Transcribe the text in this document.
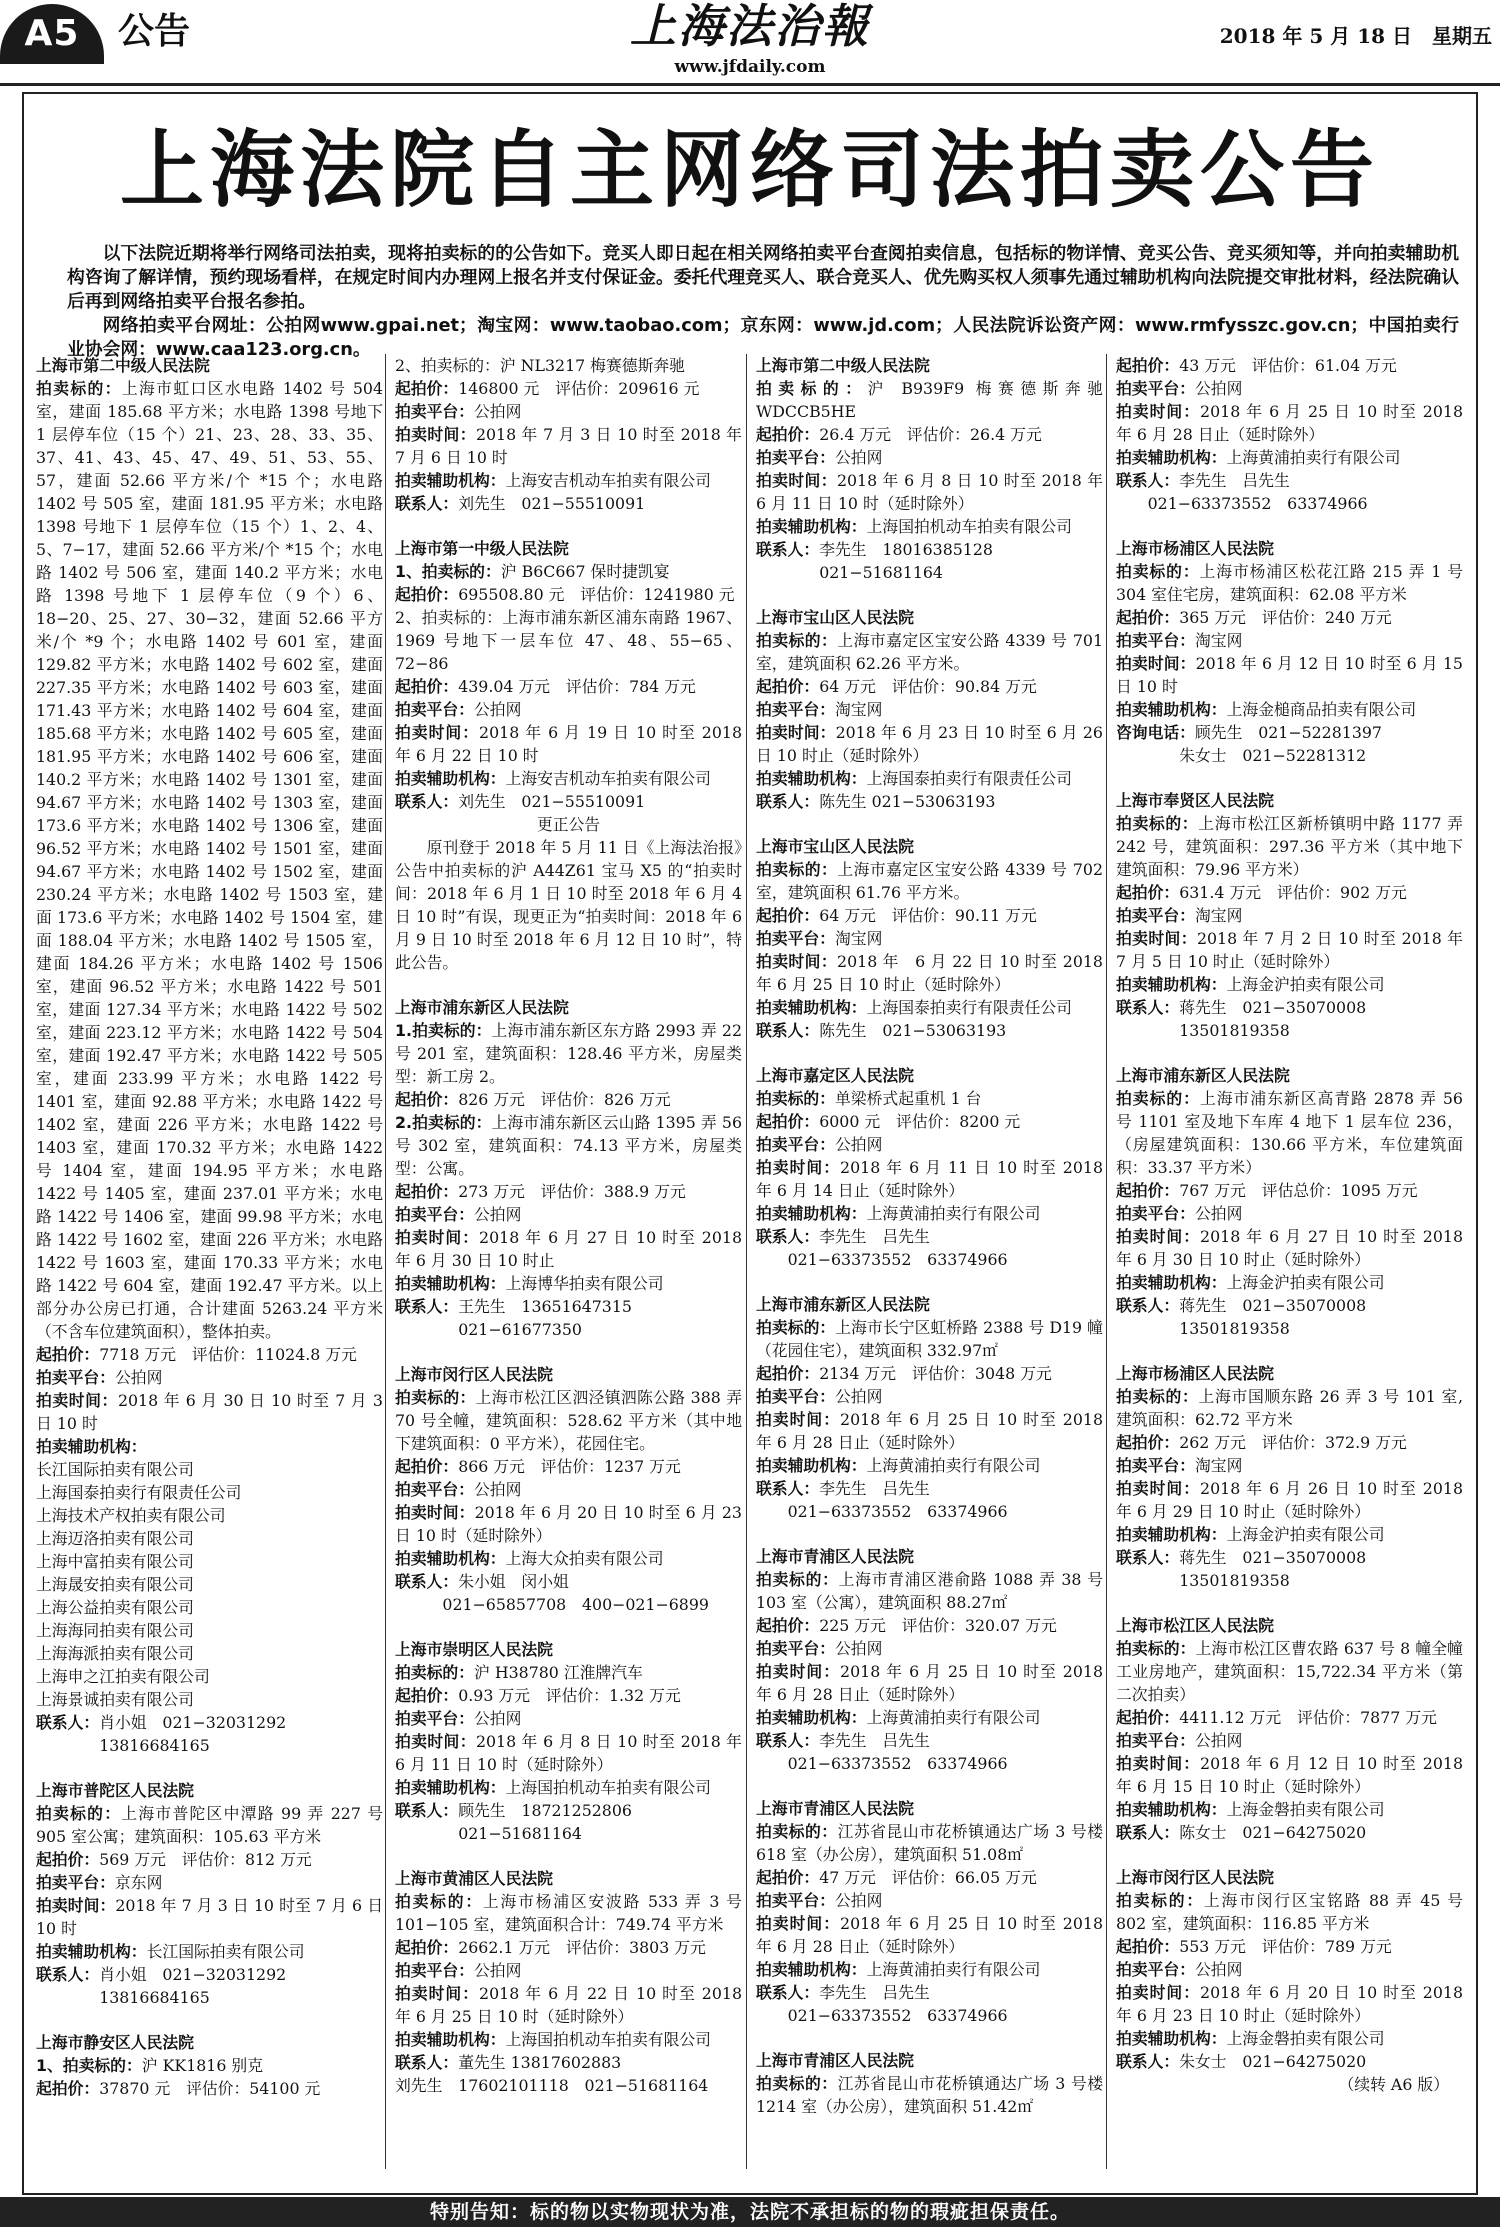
A5	公告	上海法治報
www.jfdaily.com
2018 年 5 月 18 日　星期五
上海法院自主网络司法拍卖公告

以下法院近期将举行网络司法拍卖，现将拍卖标的的公告如下。竞买人即日起在相关网络拍卖平台查阅拍卖信息，包括标的物详情、竞买公告、竞买须知等，并向拍卖辅助机构咨询了解详情，预约现场看样，在规定时间内办理网上报名并支付保证金。委托代理竞买人、联合竞买人、优先购买权人须事先通过辅助机构向法院提交审批材料，经法院确认后再到网络拍卖平台报名参拍。

网络拍卖平台网址：公拍网www.gpai.net；淘宝网：www.taobao.com；京东网：www.jd.com；人民法院诉讼资产网：www.rmfysszc.gov.cn；中国拍卖行业协会网：www.caa123.org.cn。

上海市第二中级人民法院

拍卖标的：上海市虹口区水电路 1402 号 504 室，建面 185.68 平方米；水电路 1398 号地下 1 层停车位（15 个）21、23、28、33、35、37、41、43、45、47、49、51、53、55、57，建面 52.66 平方米/个 *15 个；水电路 1402 号 505 室，建面 181.95 平方米；水电路 1398 号地下 1 层停车位（15 个）1、2、4、5、7−17，建面 52.66 平方米/个 *15 个；水电路 1402 号 506 室，建面 140.2 平方米；水电路 1398 号地下 1 层停车位（9 个）6、18−20、25、27、30−32，建面 52.66 平方米/个 *9 个；水电路 1402 号 601 室，建面 129.82 平方米；水电路 1402 号 602 室，建面 227.35 平方米；水电路 1402 号 603 室，建面 171.43 平方米；水电路 1402 号 604 室，建面 185.68 平方米；水电路 1402 号 605 室，建面 181.95 平方米；水电路 1402 号 606 室，建面 140.2 平方米；水电路 1402 号 1301 室，建面 94.67 平方米；水电路 1402 号 1303 室，建面 173.6 平方米；水电路 1402 号 1306 室，建面 96.52 平方米；水电路 1402 号 1501 室，建面 94.67 平方米；水电路 1402 号 1502 室，建面 230.24 平方米；水电路 1402 号 1503 室，建面 173.6 平方米；水电路 1402 号 1504 室，建面 188.04 平方米；水电路 1402 号 1505 室，建面 184.26 平方米；水电路 1402 号 1506 室，建面 96.52 平方米；水电路 1422 号 501 室，建面 127.34 平方米；水电路 1422 号 502 室，建面 223.12 平方米；水电路 1422 号 504 室，建面 192.47 平方米；水电路 1422 号 505 室，建面 233.99 平方米；水电路 1422 号 1401 室，建面 92.88 平方米；水电路 1422 号 1402 室，建面 226 平方米；水电路 1422 号 1403 室，建面 170.32 平方米；水电路 1422 号 1404 室，建面 194.95 平方米；水电路 1422 号 1405 室，建面 237.01 平方米；水电路 1422 号 1406 室，建面 99.98 平方米；水电路 1422 号 1602 室，建面 226 平方米；水电路 1422 号 1603 室，建面 170.33 平方米；水电路 1422 号 604 室，建面 192.47 平方米。以上部分办公房已打通，合计建面 5263.24 平方米（不含车位建筑面积），整体拍卖。

起拍价：7718 万元　评估价：11024.8 万元

拍卖平台：公拍网

拍卖时间：2018 年 6 月 30 日 10 时至 7 月 3 日 10 时

拍卖辅助机构：

长江国际拍卖有限公司

上海国泰拍卖行有限责任公司

上海技术产权拍卖有限公司

上海迈洛拍卖有限公司

上海中富拍卖有限公司

上海晟安拍卖有限公司

上海公益拍卖有限公司

上海海同拍卖有限公司

上海海派拍卖有限公司

上海申之江拍卖有限公司

上海景诚拍卖有限公司

联系人：肖小姐　021−32031292

　　　　13816684165

上海市普陀区人民法院

拍卖标的：上海市普陀区中潭路 99 弄 227 号 905 室公寓；建筑面积：105.63 平方米

起拍价：569 万元　评估价：812 万元

拍卖平台：京东网

拍卖时间：2018 年 7 月 3 日 10 时至 7 月 6 日 10 时

拍卖辅助机构：长江国际拍卖有限公司

联系人：肖小姐　021−32031292

　　　　13816684165

上海市静安区人民法院

1、拍卖标的：沪 KK1816 别克

起拍价：37870 元　评估价：54100 元

2、拍卖标的：沪 NL3217 梅赛德斯奔驰

起拍价：146800 元　评估价：209616 元

拍卖平台：公拍网

拍卖时间：2018 年 7 月 3 日 10 时至 2018 年 7 月 6 日 10 时

拍卖辅助机构：上海安吉机动车拍卖有限公司

联系人：刘先生　021−55510091

上海市第一中级人民法院

1、拍卖标的：沪 B6C667 保时捷凯宴

起拍价：695508.80 元　评估价：1241980 元

2、拍卖标的：上海市浦东新区浦东南路 1967、1969 号地下一层车位 47、48、55−65、72−86

起拍价：439.04 万元　评估价：784 万元

拍卖平台：公拍网

拍卖时间：2018 年 6 月 19 日 10 时至 2018 年 6 月 22 日 10 时

拍卖辅助机构：上海安吉机动车拍卖有限公司

联系人：刘先生　021−55510091

更正公告

原刊登于 2018 年 5 月 11 日《上海法治报》公告中拍卖标的沪 A44Z61 宝马 X5 的“拍卖时间：2018 年 6 月 1 日 10 时至 2018 年 6 月 4 日 10 时”有误，现更正为“拍卖时间：2018 年 6 月 9 日 10 时至 2018 年 6 月 12 日 10 时”，特此公告。

上海市浦东新区人民法院

1.拍卖标的：上海市浦东新区东方路 2993 弄 22 号 201 室，建筑面积：128.46 平方米，房屋类型：新工房 2。

起拍价：826 万元　评估价：826 万元

2.拍卖标的：上海市浦东新区云山路 1395 弄 56 号 302 室，建筑面积：74.13 平方米，房屋类型：公寓。

起拍价：273 万元　评估价：388.9 万元

拍卖平台：公拍网

拍卖时间：2018 年 6 月 27 日 10 时至 2018 年 6 月 30 日 10 时止

拍卖辅助机构：上海博华拍卖有限公司

联系人：王先生　13651647315

　　　　021−61677350

上海市闵行区人民法院

拍卖标的：上海市松江区泗泾镇泗陈公路 388 弄 70 号全幢，建筑面积：528.62 平方米（其中地下建筑面积：0 平方米），花园住宅。

起拍价：866 万元　评估价：1237 万元

拍卖平台：公拍网

拍卖时间：2018 年 6 月 20 日 10 时至 6 月 23 日 10 时（延时除外）

拍卖辅助机构：上海大众拍卖有限公司

联系人：朱小姐　闵小姐

　　　021−65857708　400−021−6899

上海市崇明区人民法院

拍卖标的：沪 H38780 江淮牌汽车

起拍价：0.93 万元　评估价：1.32 万元

拍卖平台：公拍网

拍卖时间：2018 年 6 月 8 日 10 时至 2018 年 6 月 11 日 10 时（延时除外）

拍卖辅助机构：上海国拍机动车拍卖有限公司

联系人：顾先生　18721252806

　　　　021−51681164

上海市黄浦区人民法院

拍卖标的：上海市杨浦区安波路 533 弄 3 号 101−105 室，建筑面积合计：749.74 平方米

起拍价：2662.1 万元　评估价：3803 万元

拍卖平台：公拍网

拍卖时间：2018 年 6 月 22 日 10 时至 2018 年 6 月 25 日 10 时（延时除外）

拍卖辅助机构：上海国拍机动车拍卖有限公司

联系人：董先生 13817602883

刘先生　17602101118　021−51681164

上海市第二中级人民法院

拍卖标的：沪 B939F9 梅赛德斯奔驰 WDCCB5HE

起拍价：26.4 万元　评估价：26.4 万元

拍卖平台：公拍网

拍卖时间：2018 年 6 月 8 日 10 时至 2018 年 6 月 11 日 10 时（延时除外）

拍卖辅助机构：上海国拍机动车拍卖有限公司

联系人：李先生　18016385128

　　　　021−51681164

上海市宝山区人民法院

拍卖标的：上海市嘉定区宝安公路 4339 号 701 室，建筑面积 62.26 平方米。

起拍价：64 万元　评估价：90.84 万元

拍卖平台：淘宝网

拍卖时间：2018 年 6 月 23 日 10 时至 6 月 26 日 10 时止（延时除外）

拍卖辅助机构：上海国泰拍卖行有限责任公司

联系人：陈先生 021−53063193

上海市宝山区人民法院

拍卖标的：上海市嘉定区宝安公路 4339 号 702 室，建筑面积 61.76 平方米。

起拍价：64 万元　评估价：90.11 万元

拍卖平台：淘宝网

拍卖时间：2018 年　6 月 22 日 10 时至 2018 年 6 月 25 日 10 时止（延时除外）

拍卖辅助机构：上海国泰拍卖行有限责任公司

联系人：陈先生　021−53063193

上海市嘉定区人民法院

拍卖标的：单梁桥式起重机 1 台

起拍价：6000 元　评估价：8200 元

拍卖平台：公拍网

拍卖时间：2018 年 6 月 11 日 10 时至 2018 年 6 月 14 日止（延时除外）

拍卖辅助机构：上海黄浦拍卖行有限公司

联系人：李先生　吕先生

　　021−63373552　63374966

上海市浦东新区人民法院

拍卖标的：上海市长宁区虹桥路 2388 号 D19 幢（花园住宅），建筑面积 332.97㎡

起拍价：2134 万元　评估价：3048 万元

拍卖平台：公拍网

拍卖时间：2018 年 6 月 25 日 10 时至 2018 年 6 月 28 日止（延时除外）

拍卖辅助机构：上海黄浦拍卖行有限公司

联系人：李先生　吕先生

　　021−63373552　63374966

上海市青浦区人民法院

拍卖标的：上海市青浦区港俞路 1088 弄 38 号 103 室（公寓），建筑面积 88.27㎡

起拍价：225 万元　评估价：320.07 万元

拍卖平台：公拍网

拍卖时间：2018 年 6 月 25 日 10 时至 2018 年 6 月 28 日止（延时除外）

拍卖辅助机构：上海黄浦拍卖行有限公司

联系人：李先生　吕先生

　　021−63373552　63374966

上海市青浦区人民法院

拍卖标的：江苏省昆山市花桥镇通达广场 3 号楼 618 室（办公房），建筑面积 51.08㎡

起拍价：47 万元　评估价：66.05 万元

拍卖平台：公拍网

拍卖时间：2018 年 6 月 25 日 10 时至 2018 年 6 月 28 日止（延时除外）

拍卖辅助机构：上海黄浦拍卖行有限公司

联系人：李先生　吕先生

　　021−63373552　63374966

上海市青浦区人民法院

拍卖标的：江苏省昆山市花桥镇通达广场 3 号楼 1214 室（办公房），建筑面积 51.42㎡

起拍价：43 万元　评估价：61.04 万元

拍卖平台：公拍网

拍卖时间：2018 年 6 月 25 日 10 时至 2018 年 6 月 28 日止（延时除外）

拍卖辅助机构：上海黄浦拍卖行有限公司

联系人：李先生　吕先生

　　021−63373552　63374966

上海市杨浦区人民法院

拍卖标的：上海市杨浦区松花江路 215 弄 1 号 304 室住宅房，建筑面积：62.08 平方米

起拍价：365 万元　评估价：240 万元

拍卖平台：淘宝网

拍卖时间：2018 年 6 月 12 日 10 时至 6 月 15 日 10 时

拍卖辅助机构：上海金槌商品拍卖有限公司

咨询电话：顾先生　021−52281397

　　　　朱女士　021−52281312

上海市奉贤区人民法院

拍卖标的：上海市松江区新桥镇明中路 1177 弄 242 号，建筑面积：297.36 平方米（其中地下建筑面积：79.96 平方米）

起拍价：631.4 万元　评估价：902 万元

拍卖平台：淘宝网

拍卖时间：2018 年 7 月 2 日 10 时至 2018 年 7 月 5 日 10 时止（延时除外）

拍卖辅助机构：上海金沪拍卖有限公司

联系人：蒋先生　021−35070008

　　　　13501819358

上海市浦东新区人民法院

拍卖标的：上海市浦东新区高青路 2878 弄 56 号 1101 室及地下车库 4 地下 1 层车位 236，（房屋建筑面积：130.66 平方米，车位建筑面积：33.37 平方米）

起拍价：767 万元　评估总价：1095 万元

拍卖平台：公拍网

拍卖时间：2018 年 6 月 27 日 10 时至 2018 年 6 月 30 日 10 时止（延时除外）

拍卖辅助机构：上海金沪拍卖有限公司

联系人：蒋先生　021−35070008

　　　　13501819358

上海市杨浦区人民法院

拍卖标的：上海市国顺东路 26 弄 3 号 101 室,建筑面积：62.72 平方米

起拍价：262 万元　评估价：372.9 万元

拍卖平台：淘宝网

拍卖时间：2018 年 6 月 26 日 10 时至 2018 年 6 月 29 日 10 时止（延时除外）

拍卖辅助机构：上海金沪拍卖有限公司

联系人：蒋先生　021−35070008

　　　　13501819358

上海市松江区人民法院

拍卖标的：上海市松江区曹农路 637 号 8 幢全幢工业房地产，建筑面积：15,722.34 平方米（第二次拍卖）

起拍价：4411.12 万元　评估价：7877 万元

拍卖平台：公拍网

拍卖时间：2018 年 6 月 12 日 10 时至 2018 年 6 月 15 日 10 时止（延时除外）

拍卖辅助机构：上海金磐拍卖有限公司

联系人：陈女士　021−64275020

上海市闵行区人民法院

拍卖标的：上海市闵行区宝铭路 88 弄 45 号 802 室，建筑面积：116.85 平方米

起拍价：553 万元　评估价：789 万元

拍卖平台：公拍网

拍卖时间：2018 年 6 月 20 日 10 时至 2018 年 6 月 23 日 10 时止（延时除外）

拍卖辅助机构：上海金磐拍卖有限公司

联系人：朱女士　021−64275020

（续转 A6 版）

特别告知：标的物以实物现状为准，法院不承担标的物的瑕疵担保责任。
